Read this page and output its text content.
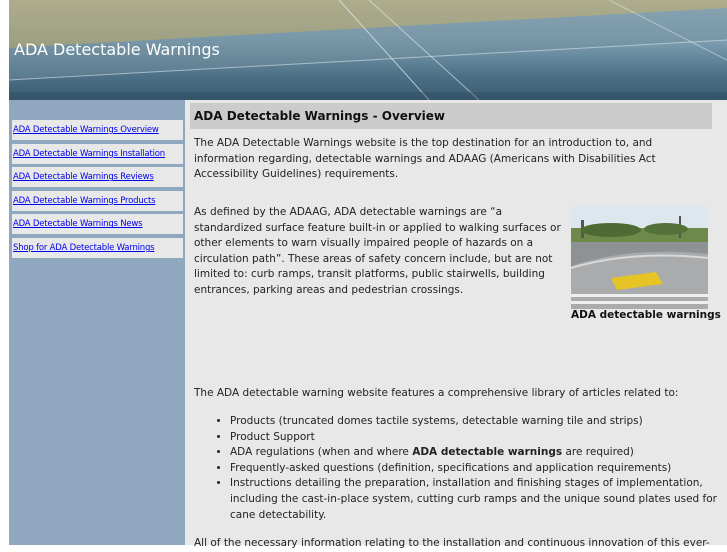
ADA Detectable Warnings
ADA Detectable Warnings Overview
ADA Detectable Warnings Installation
ADA Detectable Warnings Reviews
ADA Detectable Warnings Products
ADA Detectable Warnings News
Shop for ADA Detectable Warnings
ADA Detectable Warnings - Overview

The ADA Detectable Warnings website is the top destination for an introduction to, and information regarding, detectable warnings and ADAAG (Americans with Disabilities Act Accessibility Guidelines) requirements.

As defined by the ADAAG, ADA detectable warnings are “a standardized surface feature built-in or applied to walking surfaces or other elements to warn visually impaired people of hazards on a circulation path”. These areas of safety concern include, but are not limited to: curb ramps, transit platforms, public stairwells, building entrances, parking areas and pedestrian crossings.

ADA detectable warnings

The ADA detectable warning website features a comprehensive library of articles related to:

• Products (truncated domes tactile systems, detectable warning tile and strips)
• Product Support
• ADA regulations (when and where ADA detectable warnings are required)
• Frequently-asked questions (definition, specifications and application requirements)
• Instructions detailing the preparation, installation and finishing stages of implementation, including the cast-in-place system, cutting curb ramps and the unique sound plates used for cane detectability.

All of the necessary information relating to the installation and continuous innovation of this ever-
